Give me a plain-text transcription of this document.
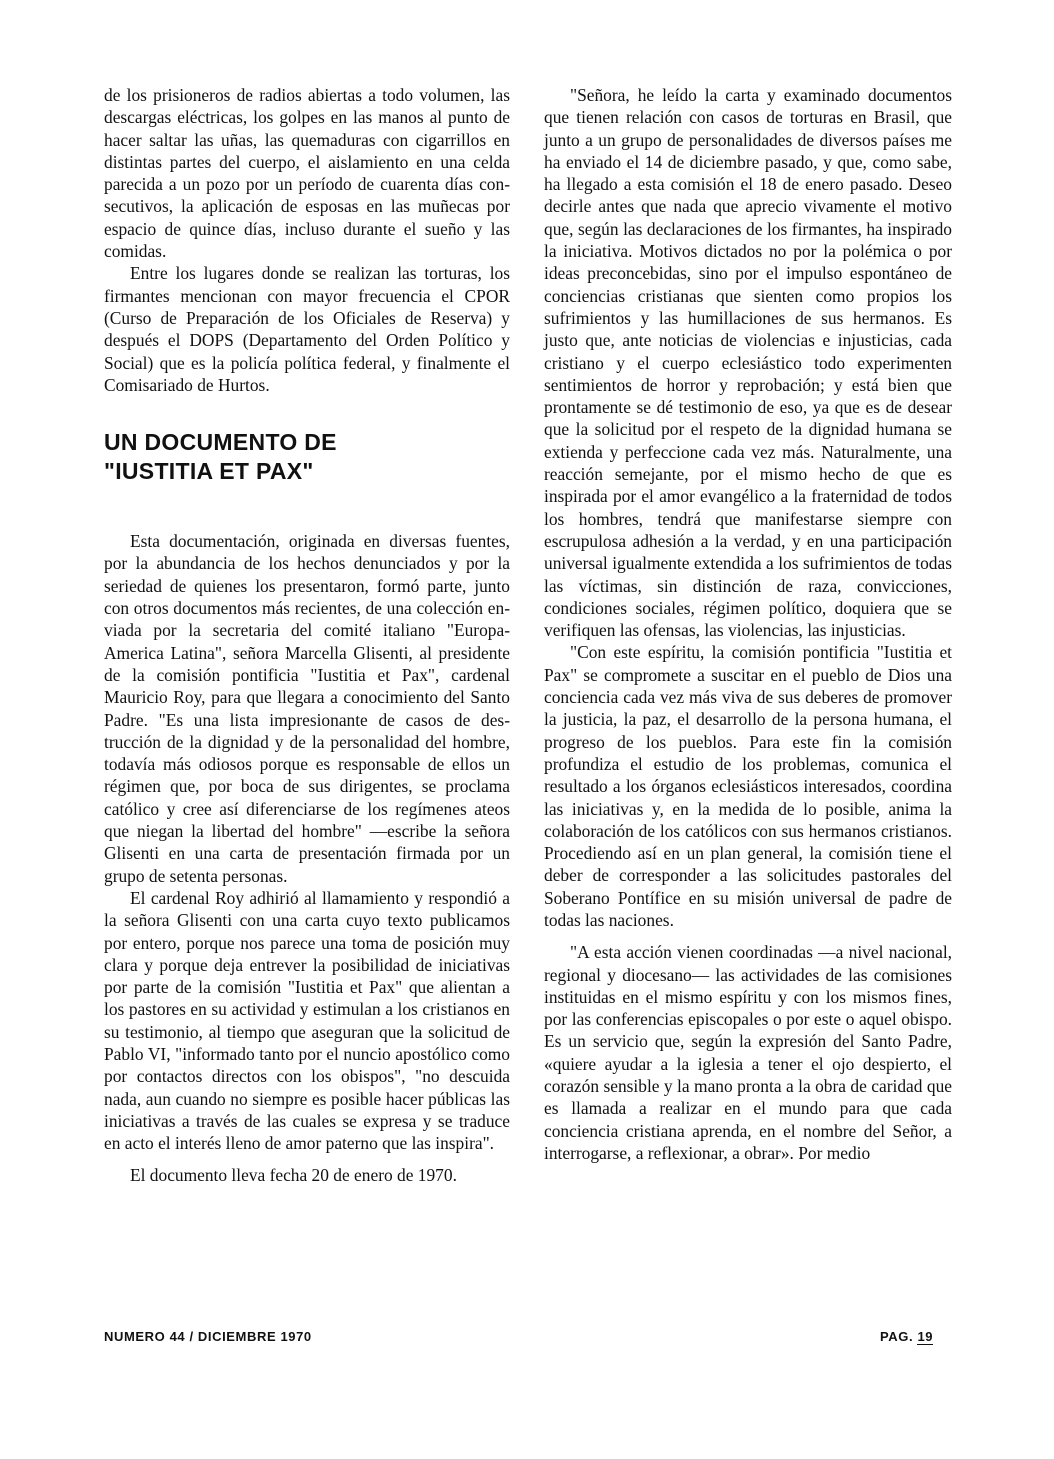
de los prisioneros de radios abiertas a todo volumen, las descargas eléctricas, los golpes en las manos al punto de hacer saltar las uñas, las quemaduras con cigarrillos en distintas partes del cuerpo, el aislamiento en una celda parecida a un pozo por un período de cuarenta días consecutivos, la aplicación de esposas en las muñecas por espacio de quince días, incluso durante el sueño y las comidas.

Entre los lugares donde se realizan las torturas, los firmantes mencionan con mayor frecuencia el CPOR (Curso de Preparación de los Oficiales de Reserva) y después el DOPS (Departamento del Orden Político y Social) que es la policía política federal, y finalmente el Comisariado de Hurtos.

UN DOCUMENTO DE
"IUSTITIA ET PAX"

Esta documentación, originada en diversas fuentes, por la abundancia de los hechos denunciados y por la seriedad de quienes los presentaron, formó parte, junto con otros documentos más recientes, de una colección enviada por la secretaria del comité italiano "Europa-America Latina", señora Marcella Glisenti, al presidente de la comisión pontificia "Iustitia et Pax", cardenal Mauricio Roy, para que llegara a conocimiento del Santo Padre. "Es una lista impresionante de casos de destrucción de la dignidad y de la personalidad del hombre, todavía más odiosos porque es responsable de ellos un régimen que, por boca de sus dirigentes, se proclama católico y cree así diferenciarse de los regímenes ateos que niegan la libertad del hombre" —escribe la señora Glisenti en una carta de presentación firmada por un grupo de setenta personas.

El cardenal Roy adhirió al llamamiento y respondió a la señora Glisenti con una carta cuyo texto publicamos por entero, porque nos parece una toma de posición muy clara y porque deja entrever la posibilidad de iniciativas por parte de la comisión "Iustitia et Pax" que alientan a los pastores en su actividad y estimulan a los cristianos en su testimonio, al tiempo que aseguran que la solicitud de Pablo VI, "informado tanto por el nuncio apostólico como por contactos directos con los obispos", "no descuida nada, aun cuando no siempre es posible hacer públicas las iniciativas a través de las cuales se expresa y se traduce en acto el interés lleno de amor paterno que las inspira".

El documento lleva fecha 20 de enero de 1970.

"Señora, he leído la carta y examinado documentos que tienen relación con casos de torturas en Brasil, que junto a un grupo de personalidades de diversos países me ha enviado el 14 de diciembre pasado, y que, como sabe, ha llegado a esta comisión el 18 de enero pasado. Deseo decirle antes que nada que aprecio vivamente el motivo que, según las declaraciones de los firmantes, ha inspirado la iniciativa. Motivos dictados no por la polémica o por ideas preconcebidas, sino por el impulso espontáneo de conciencias cristianas que sienten como propios los sufrimientos y las humillaciones de sus hermanos. Es justo que, ante noticias de violencias e injusticias, cada cristiano y el cuerpo eclesiástico todo experimenten sentimientos de horror y reprobación; y está bien que prontamente se dé testimonio de eso, ya que es de desear que la solicitud por el respeto de la dignidad humana se extienda y perfeccione cada vez más. Naturalmente, una reacción semejante, por el mismo hecho de que es inspirada por el amor evangélico a la fraternidad de todos los hombres, tendrá que manifestarse siempre con escrupulosa adhesión a la verdad, y en una participación universal igualmente extendida a los sufrimientos de todas las víctimas, sin distinción de raza, convicciones, condiciones sociales, régimen político, doquiera que se verifiquen las ofensas, las violencias, las injusticias.

"Con este espíritu, la comisión pontificia "Iustitia et Pax" se compromete a suscitar en el pueblo de Dios una conciencia cada vez más viva de sus deberes de promover la justicia, la paz, el desarrollo de la persona humana, el progreso de los pueblos. Para este fin la comisión profundiza el estudio de los problemas, comunica el resultado a los órganos eclesiásticos interesados, coordina las iniciativas y, en la medida de lo posible, anima la colaboración de los católicos con sus hermanos cristianos. Procediendo así en un plan general, la comisión tiene el deber de corresponder a las solicitudes pastorales del Soberano Pontífice en su misión universal de padre de todas las naciones.

"A esta acción vienen coordinadas —a nivel nacional, regional y diocesano— las actividades de las comisiones instituidas en el mismo espíritu y con los mismos fines, por las conferencias episcopales o por este o aquel obispo. Es un servicio que, según la expresión del Santo Padre, «quiere ayudar a la iglesia a tener el ojo despierto, el corazón sensible y la mano pronta a la obra de caridad que es llamada a realizar en el mundo para que cada conciencia cristiana aprenda, en el nombre del Señor, a interrogarse, a reflexionar, a obrar». Por medio

NUMERO 44 / DICIEMBRE 1970	PAG. 19
